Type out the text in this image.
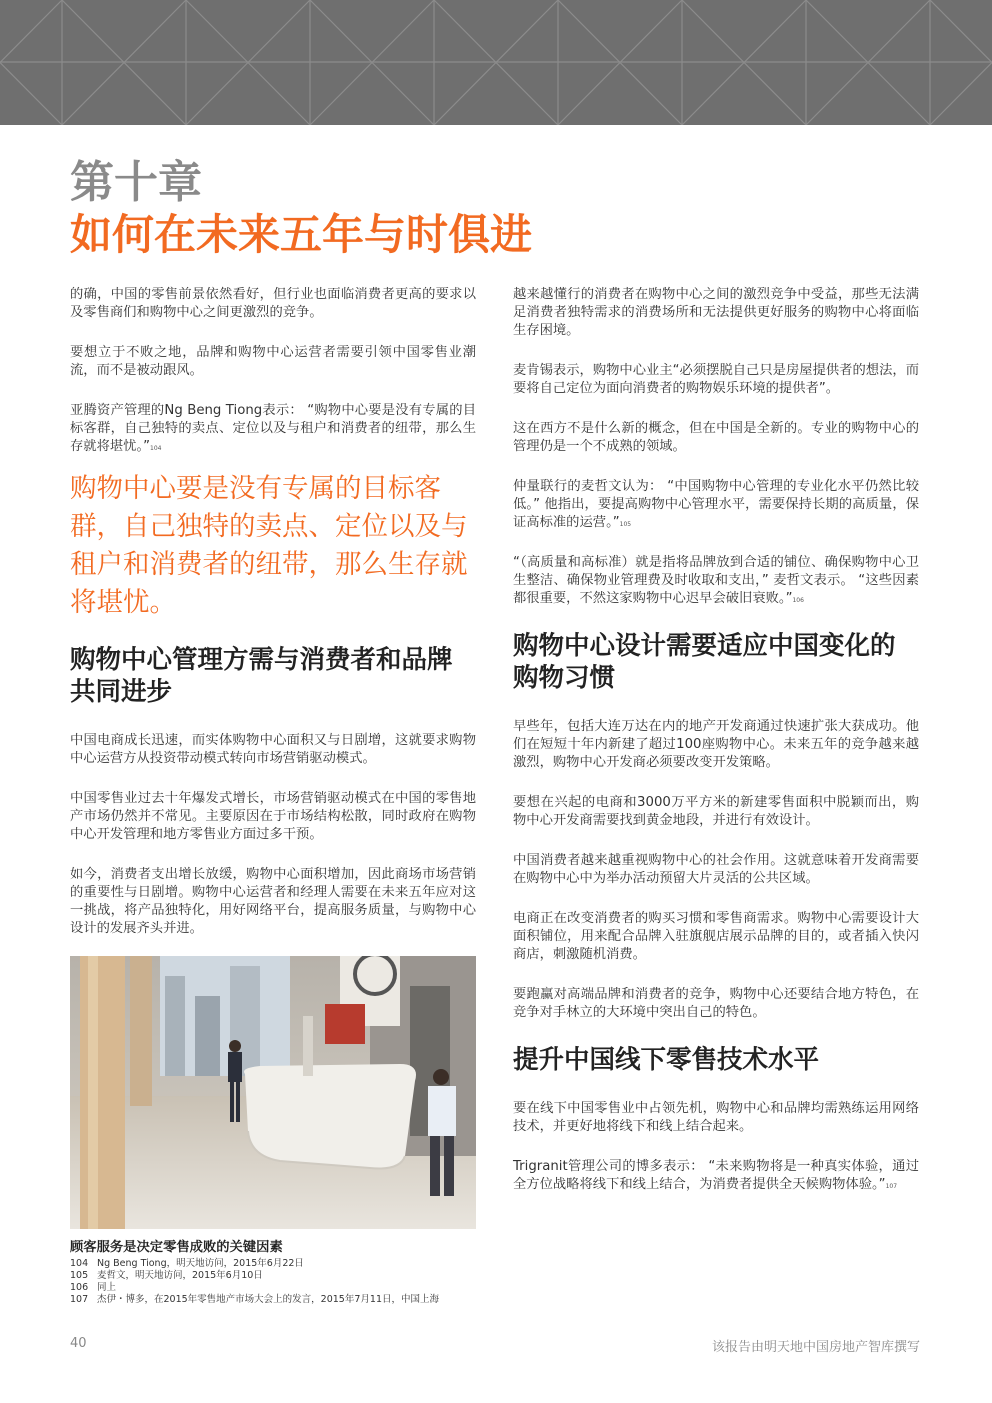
第十章
如何在未来五年与时俱进

的确，中国的零售前景依然看好，但行业也面临消费者更高的要求以及零售商们和购物中心之间更激烈的竞争。

要想立于不败之地，品牌和购物中心运营者需要引领中国零售业潮流，而不是被动跟风。

亚腾资产管理的Ng Beng Tiong表示： “购物中心要是没有专属的目标客群，自己独特的卖点、定位以及与租户和消费者的纽带，那么生存就将堪忧。”$^{104}$

购物中心要是没有专属的目标客群，自己独特的卖点、定位以及与租户和消费者的纽带，那么生存就将堪忧。
购物中心管理方需与消费者和品牌共同进步

中国电商成长迅速，而实体购物中心面积又与日剧增，这就要求购物中心运营方从投资带动模式转向市场营销驱动模式。

中国零售业过去十年爆发式增长，市场营销驱动模式在中国的零售地产市场仍然并不常见。主要原因在于市场结构松散，同时政府在购物中心开发管理和地方零售业方面过多干预。

如今，消费者支出增长放缓，购物中心面积增加，因此商场市场营销的重要性与日剧增。购物中心运营者和经理人需要在未来五年应对这一挑战，将产品独特化，用好网络平台，提高服务质量，与购物中心设计的发展齐头并进。

顾客服务是决定零售成败的关键因素

越来越懂行的消费者在购物中心之间的激烈竞争中受益，那些无法满足消费者独特需求的消费场所和无法提供更好服务的购物中心将面临生存困境。

麦肯锡表示，购物中心业主“必须摆脱自己只是房屋提供者的想法，而要将自己定位为面向消费者的购物娱乐环境的提供者”。

这在西方不是什么新的概念，但在中国是全新的。专业的购物中心的管理仍是一个不成熟的领域。

仲量联行的麦哲文认为： “中国购物中心管理的专业化水平仍然比较低。” 他指出，要提高购物中心管理水平，需要保持长期的高质量，保证高标准的运营。”$^{105}$

“（高质量和高标准）就是指将品牌放到合适的铺位、确保购物中心卫生整洁、确保物业管理费及时收取和支出，” 麦哲文表示。 “这些因素都很重要，不然这家购物中心迟早会破旧衰败。”$^{106}$

购物中心设计需要适应中国变化的购物习惯

早些年，包括大连万达在内的地产开发商通过快速扩张大获成功。他们在短短十年内新建了超过100座购物中心。未来五年的竞争越来越激烈，购物中心开发商必须要改变开发策略。

要想在兴起的电商和3000万平方米的新建零售面积中脱颖而出，购物中心开发商需要找到黄金地段，并进行有效设计。

中国消费者越来越重视购物中心的社会作用。这就意味着开发商需要在购物中心中为举办活动预留大片灵活的公共区域。

电商正在改变消费者的购买习惯和零售商需求。购物中心需要设计大面积铺位，用来配合品牌入驻旗舰店展示品牌的目的，或者插入快闪商店，刺激随机消费。

要跑赢对高端品牌和消费者的竞争，购物中心还要结合地方特色，在竞争对手林立的大环境中突出自己的特色。

提升中国线下零售技术水平

要在线下中国零售业中占领先机，购物中心和品牌均需熟练运用网络技术，并更好地将线下和线上结合起来。

Trigranit管理公司的博多表示： “未来购物将是一种真实体验，通过全方位战略将线下和线上结合，为消费者提供全天候购物体验。”$^{107}$

104 Ng Beng Tiong，明天地访问，2015年6月22日
105 麦哲文，明天地访问，2015年6月10日
106 同上
107 杰伊・博多，在2015年零售地产市场大会上的发言，2015年7月11日，中国上海
40	该报告由明天地中国房地产智库撰写
